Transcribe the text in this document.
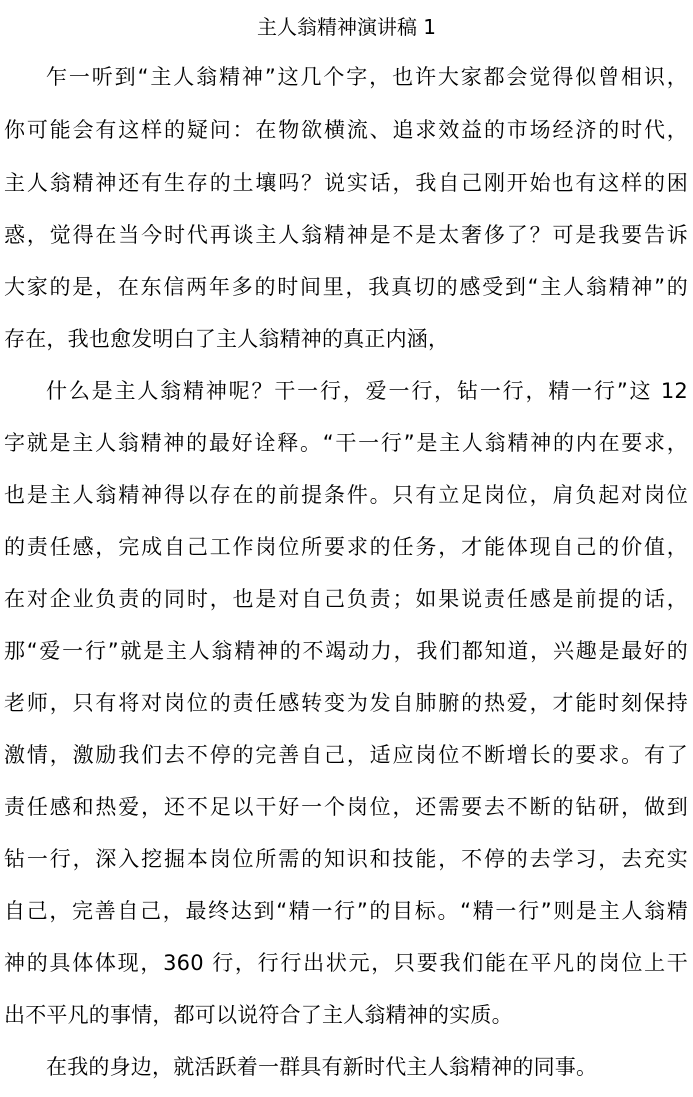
主人翁精神演讲稿 1

乍一听到“主人翁精神”这几个字，也许大家都会觉得似曾相识，

你可能会有这样的疑问：在物欲横流、追求效益的市场经济的时代，

主人翁精神还有生存的土壤吗？说实话，我自己刚开始也有这样的困

惑，觉得在当今时代再谈主人翁精神是不是太奢侈了？可是我要告诉

大家的是，在东信两年多的时间里，我真切的感受到“主人翁精神”的

存在，我也愈发明白了主人翁精神的真正内涵，

什么是主人翁精神呢？干一行，爱一行，钻一行，精一行”这 12

字就是主人翁精神的最好诠释。“干一行”是主人翁精神的内在要求，

也是主人翁精神得以存在的前提条件。只有立足岗位，肩负起对岗位

的责任感，完成自己工作岗位所要求的任务，才能体现自己的价值，

在对企业负责的同时，也是对自己负责；如果说责任感是前提的话，

那“爱一行”就是主人翁精神的不竭动力，我们都知道，兴趣是最好的

老师，只有将对岗位的责任感转变为发自肺腑的热爱，才能时刻保持

激情，激励我们去不停的完善自己，适应岗位不断增长的要求。有了

责任感和热爱，还不足以干好一个岗位，还需要去不断的钻研，做到

钻一行，深入挖掘本岗位所需的知识和技能，不停的去学习，去充实

自己，完善自己，最终达到“精一行”的目标。“精一行”则是主人翁精

神的具体体现，360 行，行行出状元，只要我们能在平凡的岗位上干

出不平凡的事情，都可以说符合了主人翁精神的实质。

在我的身边，就活跃着一群具有新时代主人翁精神的同事。
